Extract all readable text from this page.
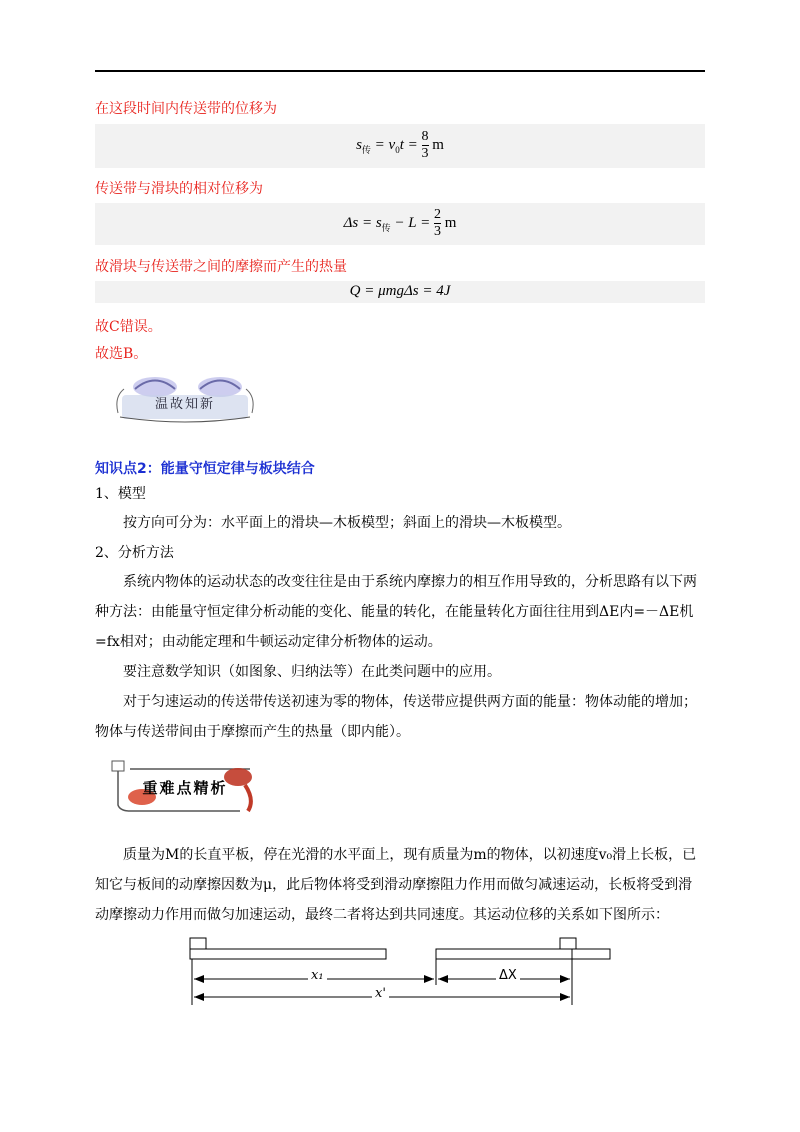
在这段时间内传送带的位移为
$s_传 = v_0t = \frac{8}{3}$ m
传送带与滑块的相对位移为
$\Delta s = s_传 - L = \frac{2}{3}$ m
故滑块与传送带之间的摩擦而产生的热量
Q = μmgΔs = 4J
故C错误。
故选B。
温故知新
知识点2：能量守恒定律与板块结合
1、模型
按方向可分为：水平面上的滑块—木板模型；斜面上的滑块—木板模型。
2、分析方法
系统内物体的运动状态的改变往往是由于系统内摩擦力的相互作用导致的，分析思路有以下两种方法：由能量守恒定律分析动能的变化、能量的转化，在能量转化方面往往用到ΔE内=－ΔE机=fx相对；由动能定理和牛顿运动定律分析物体的运动。
要注意数学知识（如图象、归纳法等）在此类问题中的应用。
对于匀速运动的传送带传送初速为零的物体，传送带应提供两方面的能量：物体动能的增加；物体与传送带间由于摩擦而产生的热量（即内能）。
重难点精析
质量为M的长直平板，停在光滑的水平面上，现有质量为m的物体，以初速度v₀滑上长板，已知它与板间的动摩擦因数为μ，此后物体将受到滑动摩擦阻力作用而做匀减速运动，长板将受到滑动摩擦动力作用而做匀加速运动，最终二者将达到共同速度。其运动位移的关系如下图所示：
x₁	ΔX
x'
